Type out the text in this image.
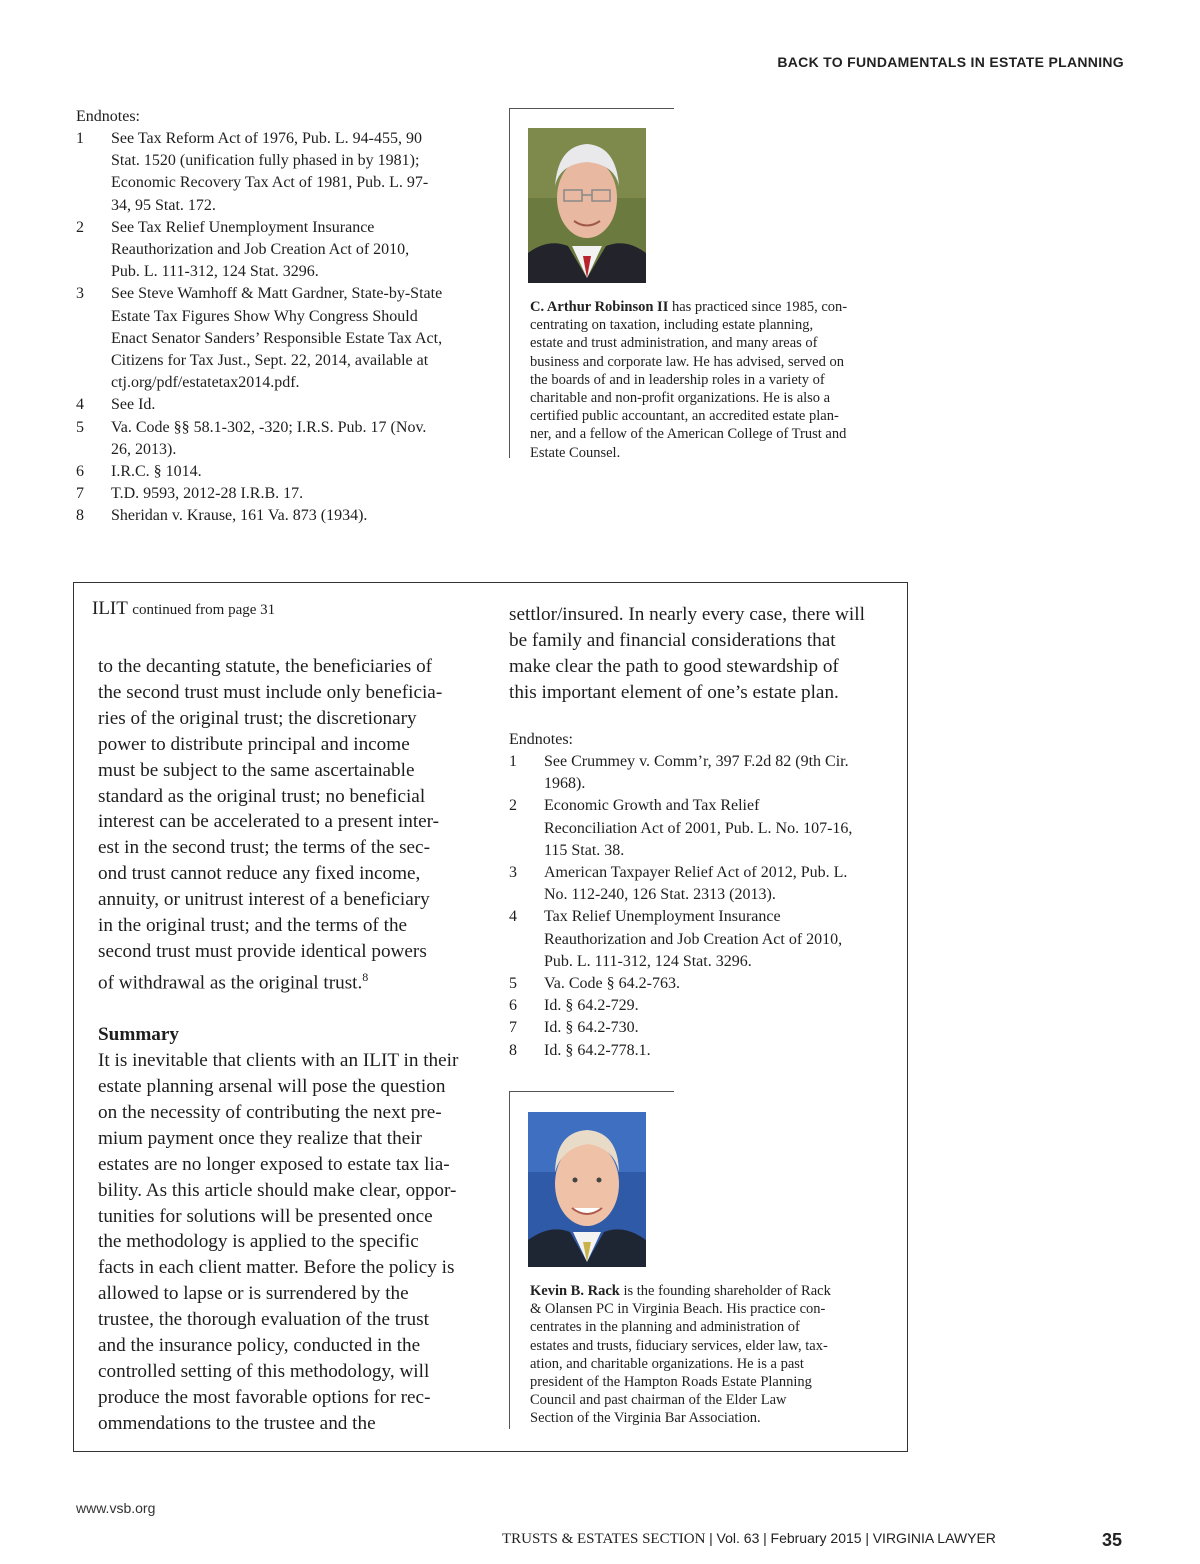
BACK TO FUNDAMENTALS IN ESTATE PLANNING
Endnotes:
1	See Tax Reform Act of 1976, Pub. L. 94-455, 90
Stat. 1520 (unification fully phased in by 1981);
Economic Recovery Tax Act of 1981, Pub. L. 97-
34, 95 Stat. 172.
2	See Tax Relief Unemployment Insurance
Reauthorization and Job Creation Act of 2010,
Pub. L. 111-312, 124 Stat. 3296.
3	See Steve Wamhoff & Matt Gardner, State-by-State
Estate Tax Figures Show Why Congress Should
Enact Senator Sanders’ Responsible Estate Tax Act,
Citizens for Tax Just., Sept. 22, 2014, available at
ctj.org/pdf/estatetax2014.pdf.
4	See Id.
5	Va. Code §§ 58.1-302, -320; I.R.S. Pub. 17 (Nov.
26, 2013).
6	I.R.C. § 1014.
7	T.D. 9593, 2012-28 I.R.B. 17.
8	Sheridan v. Krause, 161 Va. 873 (1934).
C. Arthur Robinson II has practiced since 1985, con-
centrating on taxation, including estate planning,
estate and trust administration, and many areas of
business and corporate law. He has advised, served on
the boards of and in leadership roles in a variety of
charitable and non-profit organizations. He is also a
certified public accountant, an accredited estate plan-
ner, and a fellow of the American College of Trust and
Estate Counsel.
ILIT continued from page 31
to the decanting statute, the beneficiaries of
the second trust must include only beneficia-
ries of the original trust; the discretionary
power to distribute principal and income
must be subject to the same ascertainable
standard as the original trust; no beneficial
interest can be accelerated to a present inter-
est in the second trust; the terms of the sec-
ond trust cannot reduce any fixed income,
annuity, or unitrust interest of a beneficiary
in the original trust; and the terms of the
second trust must provide identical powers
of withdrawal as the original trust.$^8$
Summary
It is inevitable that clients with an ILIT in their
estate planning arsenal will pose the question
on the necessity of contributing the next pre-
mium payment once they realize that their
estates are no longer exposed to estate tax lia-
bility. As this article should make clear, oppor-
tunities for solutions will be presented once
the methodology is applied to the specific
facts in each client matter. Before the policy is
allowed to lapse or is surrendered by the
trustee, the thorough evaluation of the trust
and the insurance policy, conducted in the
controlled setting of this methodology, will
produce the most favorable options for rec-
ommendations to the trustee and the
settlor/insured. In nearly every case, there will
be family and financial considerations that
make clear the path to good stewardship of
this important element of one’s estate plan.
Endnotes:
1	See Crummey v. Comm’r, 397 F.2d 82 (9th Cir.
1968).
2	Economic Growth and Tax Relief
Reconciliation Act of 2001, Pub. L. No. 107-16,
115 Stat. 38.
3	American Taxpayer Relief Act of 2012, Pub. L.
No. 112-240, 126 Stat. 2313 (2013).
4	Tax Relief Unemployment Insurance
Reauthorization and Job Creation Act of 2010,
Pub. L. 111-312, 124 Stat. 3296.
5	Va. Code § 64.2-763.
6	Id. § 64.2-729.
7	Id. § 64.2-730.
8	Id. § 64.2-778.1.
Kevin B. Rack is the founding shareholder of Rack
& Olansen PC in Virginia Beach. His practice con-
centrates in the planning and administration of
estates and trusts, fiduciary services, elder law, tax-
ation, and charitable organizations. He is a past
president of the Hampton Roads Estate Planning
Council and past chairman of the Elder Law
Section of the Virginia Bar Association.
www.vsb.org
TRUSTS & ESTATES SECTION | Vol. 63 | February 2015 | VIRGINIA LAWYER	35
